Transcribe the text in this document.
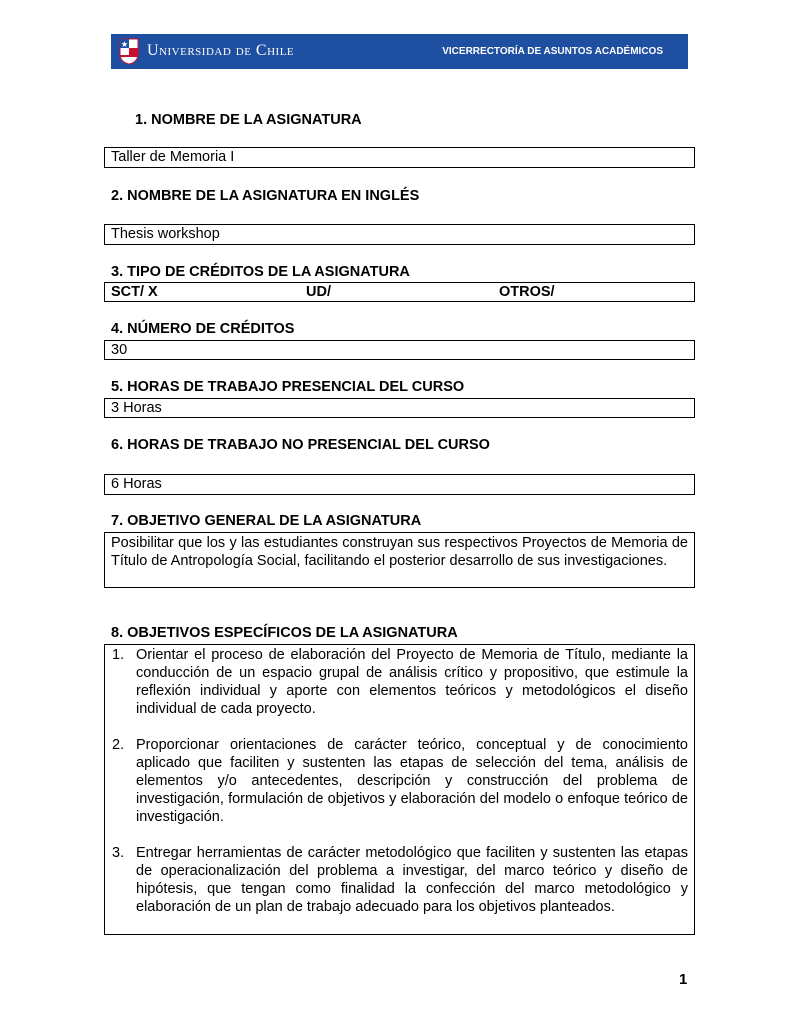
Universidad de Chile	VICERRECTORÍA DE ASUNTOS ACADÉMICOS
1. NOMBRE DE LA ASIGNATURA
Taller de Memoria I
2. NOMBRE DE LA ASIGNATURA EN INGLÉS
Thesis workshop
3. TIPO DE CRÉDITOS DE LA ASIGNATURA
SCT/ X	UD/	OTROS/
4. NÚMERO DE CRÉDITOS
30
5. HORAS DE TRABAJO PRESENCIAL DEL CURSO
3 Horas
6. HORAS DE TRABAJO NO PRESENCIAL DEL CURSO
6 Horas
7. OBJETIVO GENERAL DE LA ASIGNATURA
Posibilitar que los y las estudiantes construyan sus respectivos Proyectos de Memoria de Título de Antropología Social, facilitando el posterior desarrollo de sus investigaciones.
8. OBJETIVOS ESPECÍFICOS DE LA ASIGNATURA
1. Orientar el proceso de elaboración del Proyecto de Memoria de Título, mediante la conducción de un espacio grupal de análisis crítico y propositivo, que estimule la reflexión individual y aporte con elementos teóricos y metodológicos el diseño individual de cada proyecto.
2. Proporcionar orientaciones de carácter teórico, conceptual y de conocimiento aplicado que faciliten y sustenten las etapas de selección del tema, análisis de elementos y/o antecedentes, descripción y construcción del problema de investigación, formulación de objetivos y elaboración del modelo o enfoque teórico de investigación.
3. Entregar herramientas de carácter metodológico que faciliten y sustenten las etapas de operacionalización del problema a investigar, del marco teórico y diseño de hipótesis, que tengan como finalidad la confección del marco metodológico y elaboración de un plan de trabajo adecuado para los objetivos planteados.
1
